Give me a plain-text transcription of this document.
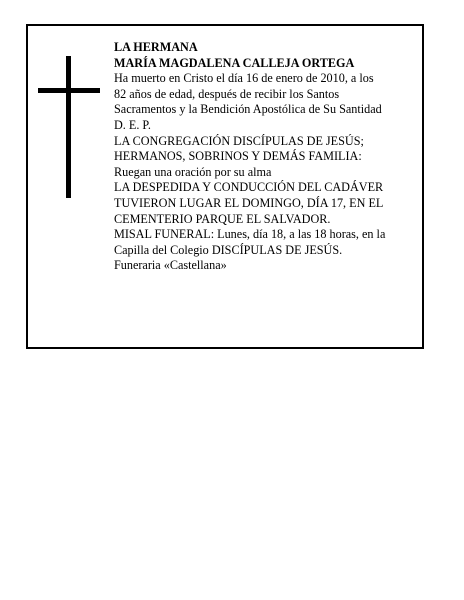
LA HERMANA
MARÍA MAGDALENA CALLEJA ORTEGA
Ha muerto en Cristo el día 16 de enero de 2010, a los
82 años de edad, después de recibir los Santos
Sacramentos y la Bendición Apostólica de Su Santidad
D. E. P.
LA CONGREGACIÓN DISCÍPULAS DE JESÚS;
HERMANOS, SOBRINOS Y DEMÁS FAMILIA:
Ruegan una oración por su alma
LA DESPEDIDA Y CONDUCCIÓN DEL CADÁVER
TUVIERON LUGAR EL DOMINGO, DÍA 17, EN EL
CEMENTERIO PARQUE EL SALVADOR.
MISAL FUNERAL: Lunes, día 18, a las 18 horas, en la
Capilla del Colegio DISCÍPULAS DE JESÚS.
Funeraria «Castellana»
